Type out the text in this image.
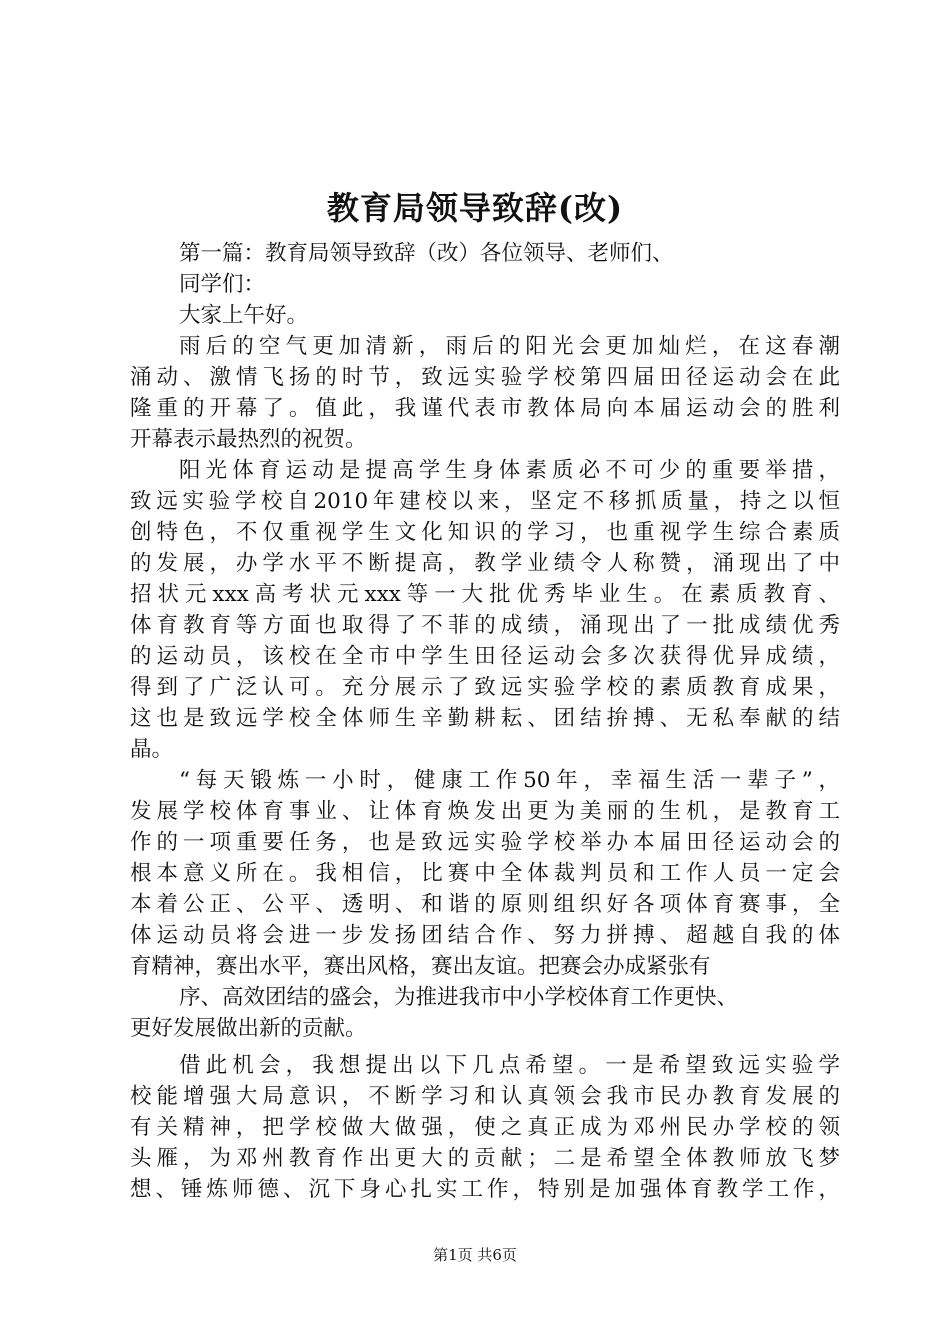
教育局领导致辞(改)
第一篇：教育局领导致辞（改）各位领导、老师们、
同学们：
大家上午好。
雨后的空气更加清新，雨后的阳光会更加灿烂，在这春潮
涌动、激情飞扬的时节，致远实验学校第四届田径运动会在此
隆重的开幕了。值此，我谨代表市教体局向本届运动会的胜利
开幕表示最热烈的祝贺。
阳光体育运动是提高学生身体素质必不可少的重要举措，
致远实验学校自2010年建校以来，坚定不移抓质量，持之以恒
创特色，不仅重视学生文化知识的学习，也重视学生综合素质
的发展，办学水平不断提高，教学业绩令人称赞，涌现出了中
招状元xxx高考状元xxx等一大批优秀毕业生。在素质教育、
体育教育等方面也取得了不菲的成绩，涌现出了一批成绩优秀
的运动员，该校在全市中学生田径运动会多次获得优异成绩，
得到了广泛认可。充分展示了致远实验学校的素质教育成果，
这也是致远学校全体师生辛勤耕耘、团结拚搏、无私奉献的结
晶。
“每天锻炼一小时，健康工作50年，幸福生活一辈子”，
发展学校体育事业、让体育焕发出更为美丽的生机，是教育工
作的一项重要任务，也是致远实验学校举办本届田径运动会的
根本意义所在。我相信，比赛中全体裁判员和工作人员一定会
本着公正、公平、透明、和谐的原则组织好各项体育赛事，全
体运动员将会进一步发扬团结合作、努力拼搏、超越自我的体
育精神，赛出水平，赛出风格，赛出友谊。把赛会办成紧张有
序、高效团结的盛会，为推进我市中小学校体育工作更快、
更好发展做出新的贡献。
借此机会，我想提出以下几点希望。一是希望致远实验学
校能增强大局意识，不断学习和认真领会我市民办教育发展的
有关精神，把学校做大做强，使之真正成为邓州民办学校的领
头雁，为邓州教育作出更大的贡献；二是希望全体教师放飞梦
想、锤炼师德、沉下身心扎实工作，特别是加强体育教学工作，
第1页 共6页
